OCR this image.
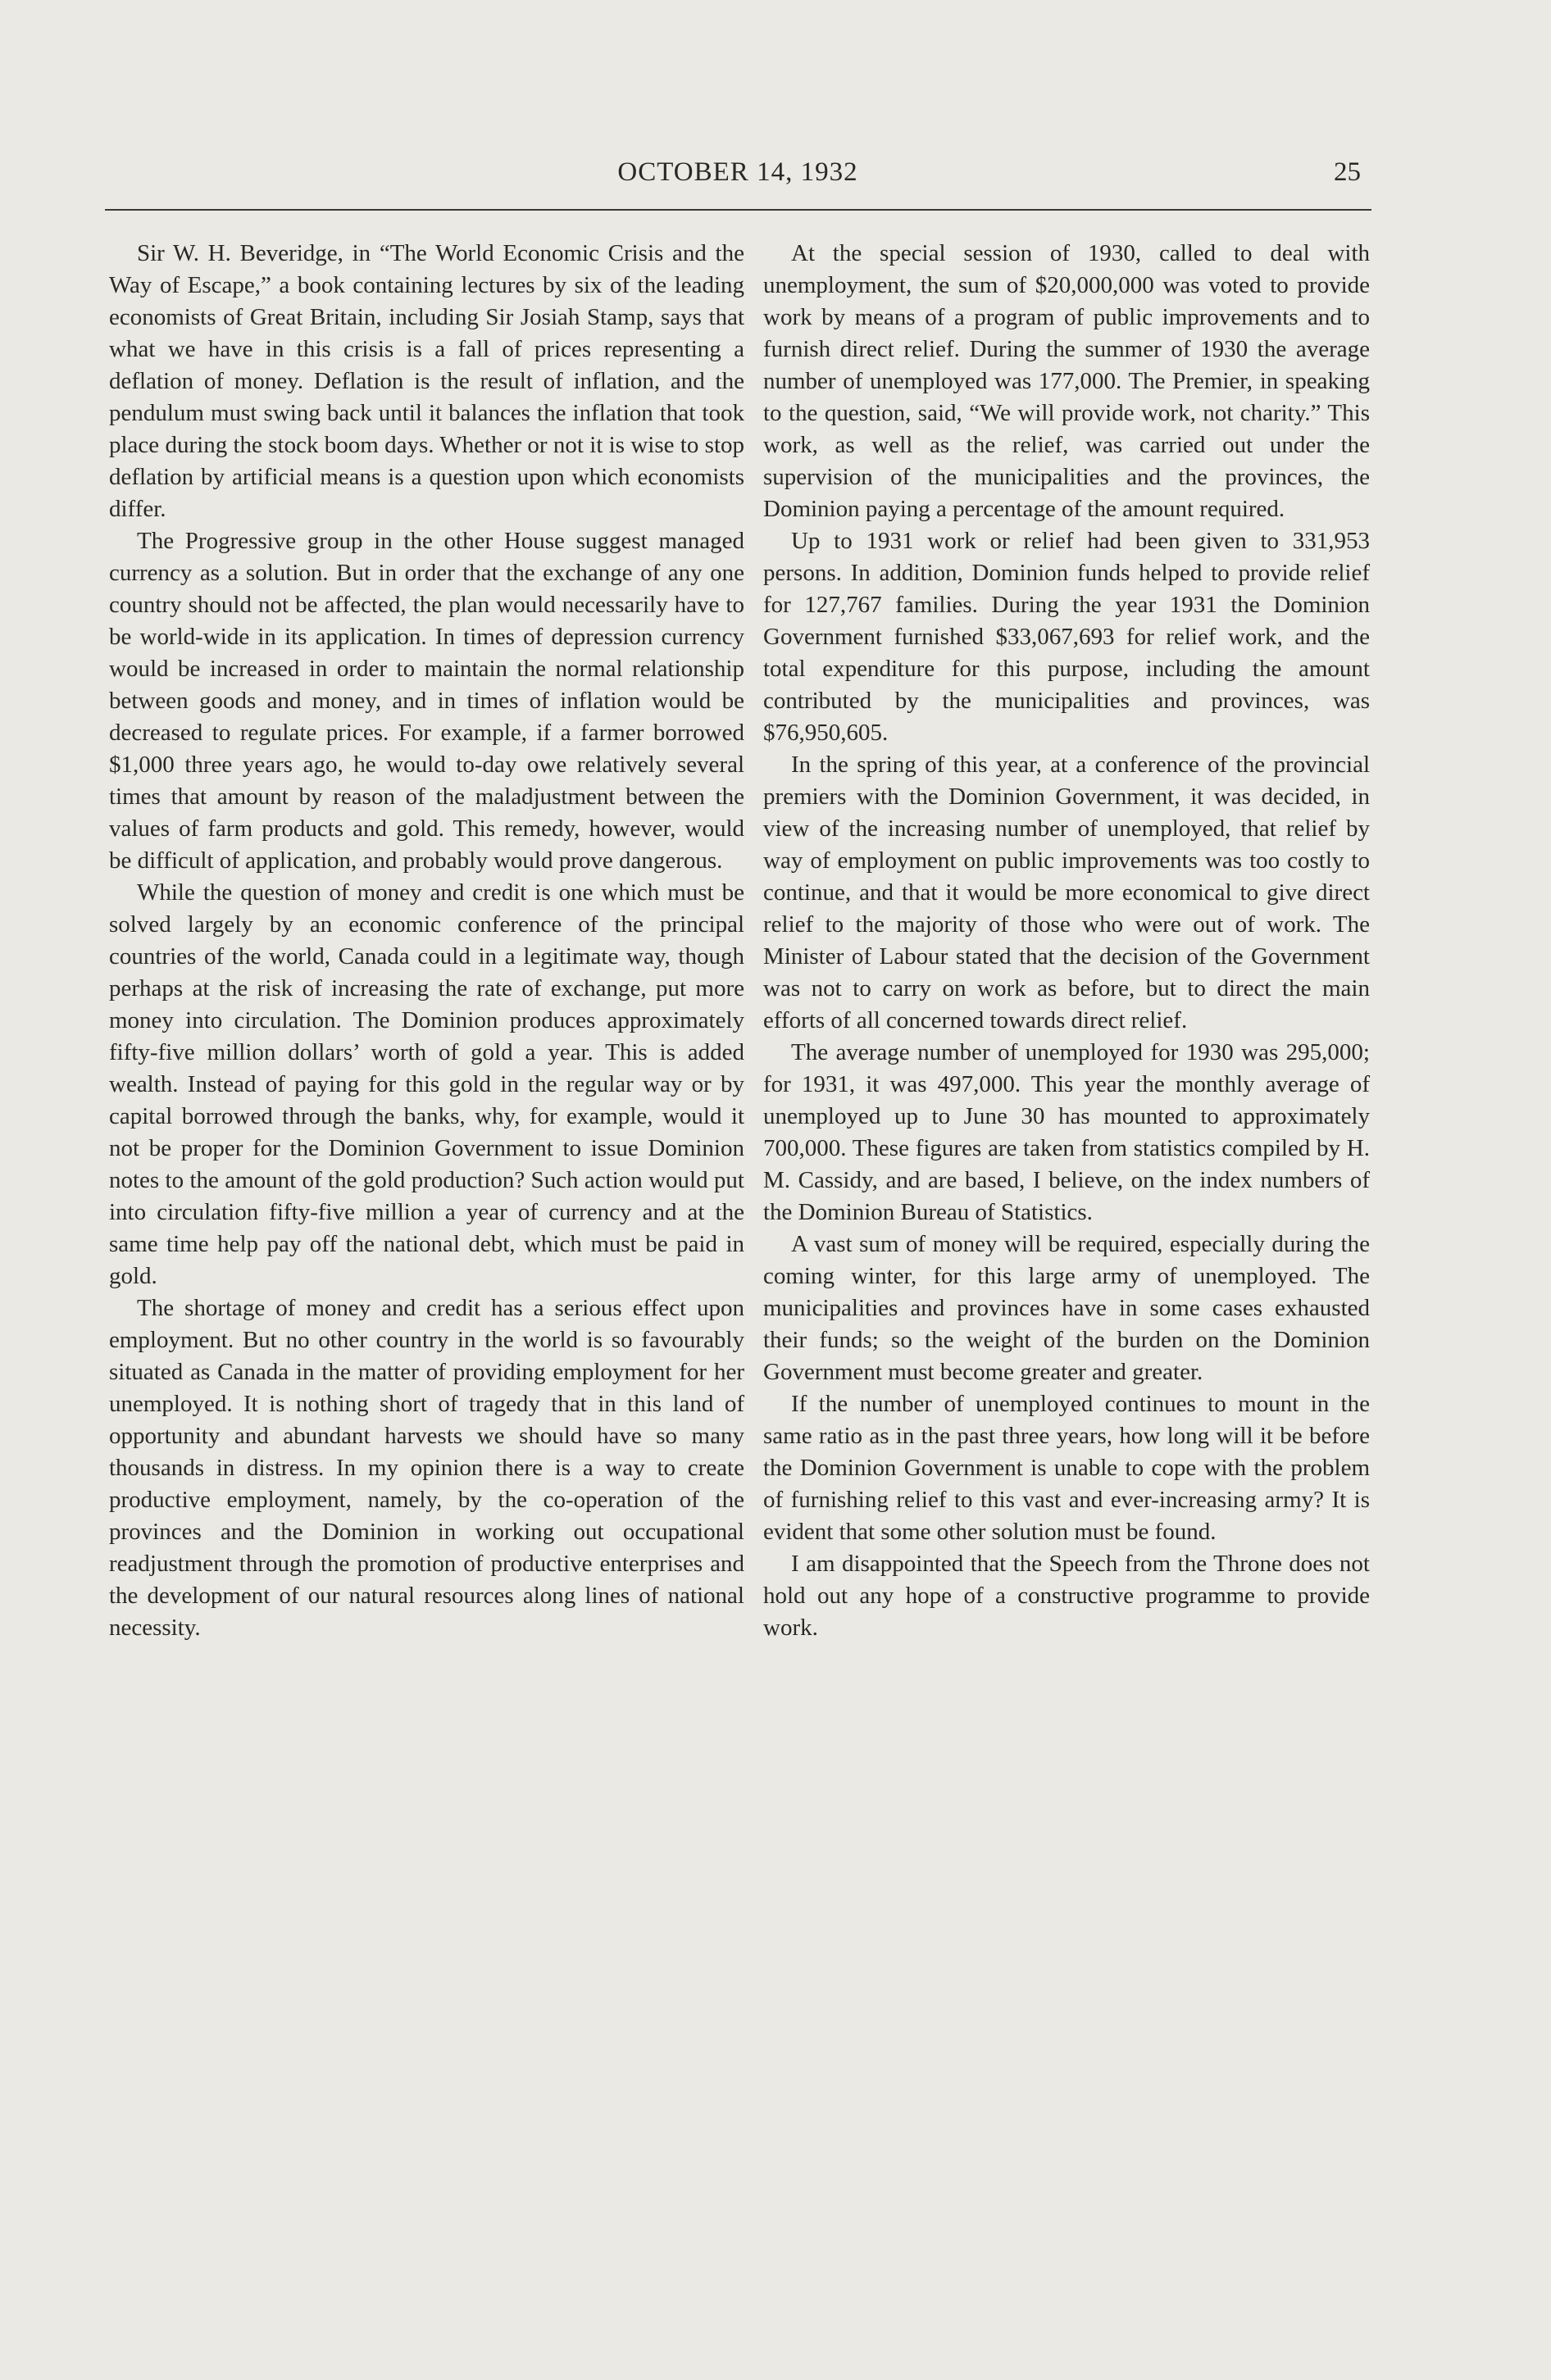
OCTOBER 14, 1932	25

Sir W. H. Beveridge, in “The World Economic Crisis and the Way of Escape,” a book containing lectures by six of the leading economists of Great Britain, including Sir Josiah Stamp, says that what we have in this crisis is a fall of prices representing a deflation of money. Deflation is the result of inflation, and the pendulum must swing back until it balances the inflation that took place during the stock boom days. Whether or not it is wise to stop deflation by artificial means is a question upon which economists differ.

The Progressive group in the other House suggest managed currency as a solution. But in order that the exchange of any one country should not be affected, the plan would necessarily have to be world-wide in its application. In times of depression currency would be increased in order to maintain the normal relationship between goods and money, and in times of inflation would be decreased to regulate prices. For example, if a farmer borrowed $1,000 three years ago, he would to-day owe relatively several times that amount by reason of the maladjustment between the values of farm products and gold. This remedy, however, would be difficult of application, and probably would prove dangerous.

While the question of money and credit is one which must be solved largely by an economic conference of the principal countries of the world, Canada could in a legitimate way, though perhaps at the risk of increasing the rate of exchange, put more money into circulation. The Dominion produces approximately fifty-five million dollars’ worth of gold a year. This is added wealth. Instead of paying for this gold in the regular way or by capital borrowed through the banks, why, for example, would it not be proper for the Dominion Government to issue Dominion notes to the amount of the gold production? Such action would put into circulation fifty-five million a year of currency and at the same time help pay off the national debt, which must be paid in gold.

The shortage of money and credit has a serious effect upon employment. But no other country in the world is so favourably situated as Canada in the matter of providing employment for her unemployed. It is nothing short of tragedy that in this land of opportunity and abundant harvests we should have so many thousands in distress. In my opinion there is a way to create productive employment, namely, by the co-operation of the provinces and the Dominion in working out occupational readjustment through the promotion of productive enterprises and the development of our natural resources along lines of national necessity.

At the special session of 1930, called to deal with unemployment, the sum of $20,000,000 was voted to provide work by means of a program of public improvements and to furnish direct relief. During the summer of 1930 the average number of unemployed was 177,000. The Premier, in speaking to the question, said, “We will provide work, not charity.” This work, as well as the relief, was carried out under the supervision of the municipalities and the provinces, the Dominion paying a percentage of the amount required.

Up to 1931 work or relief had been given to 331,953 persons. In addition, Dominion funds helped to provide relief for 127,767 families. During the year 1931 the Dominion Government furnished $33,067,693 for relief work, and the total expenditure for this purpose, including the amount contributed by the municipalities and provinces, was $76,950,605.

In the spring of this year, at a conference of the provincial premiers with the Dominion Government, it was decided, in view of the increasing number of unemployed, that relief by way of employment on public improvements was too costly to continue, and that it would be more economical to give direct relief to the majority of those who were out of work. The Minister of Labour stated that the decision of the Government was not to carry on work as before, but to direct the main efforts of all concerned towards direct relief.

The average number of unemployed for 1930 was 295,000; for 1931, it was 497,000. This year the monthly average of unemployed up to June 30 has mounted to approximately 700,000. These figures are taken from statistics compiled by H. M. Cassidy, and are based, I believe, on the index numbers of the Dominion Bureau of Statistics.

A vast sum of money will be required, especially during the coming winter, for this large army of unemployed. The municipalities and provinces have in some cases exhausted their funds; so the weight of the burden on the Dominion Government must become greater and greater.

If the number of unemployed continues to mount in the same ratio as in the past three years, how long will it be before the Dominion Government is unable to cope with the problem of furnishing relief to this vast and ever-increasing army? It is evident that some other solution must be found.

I am disappointed that the Speech from the Throne does not hold out any hope of a constructive programme to provide work.
